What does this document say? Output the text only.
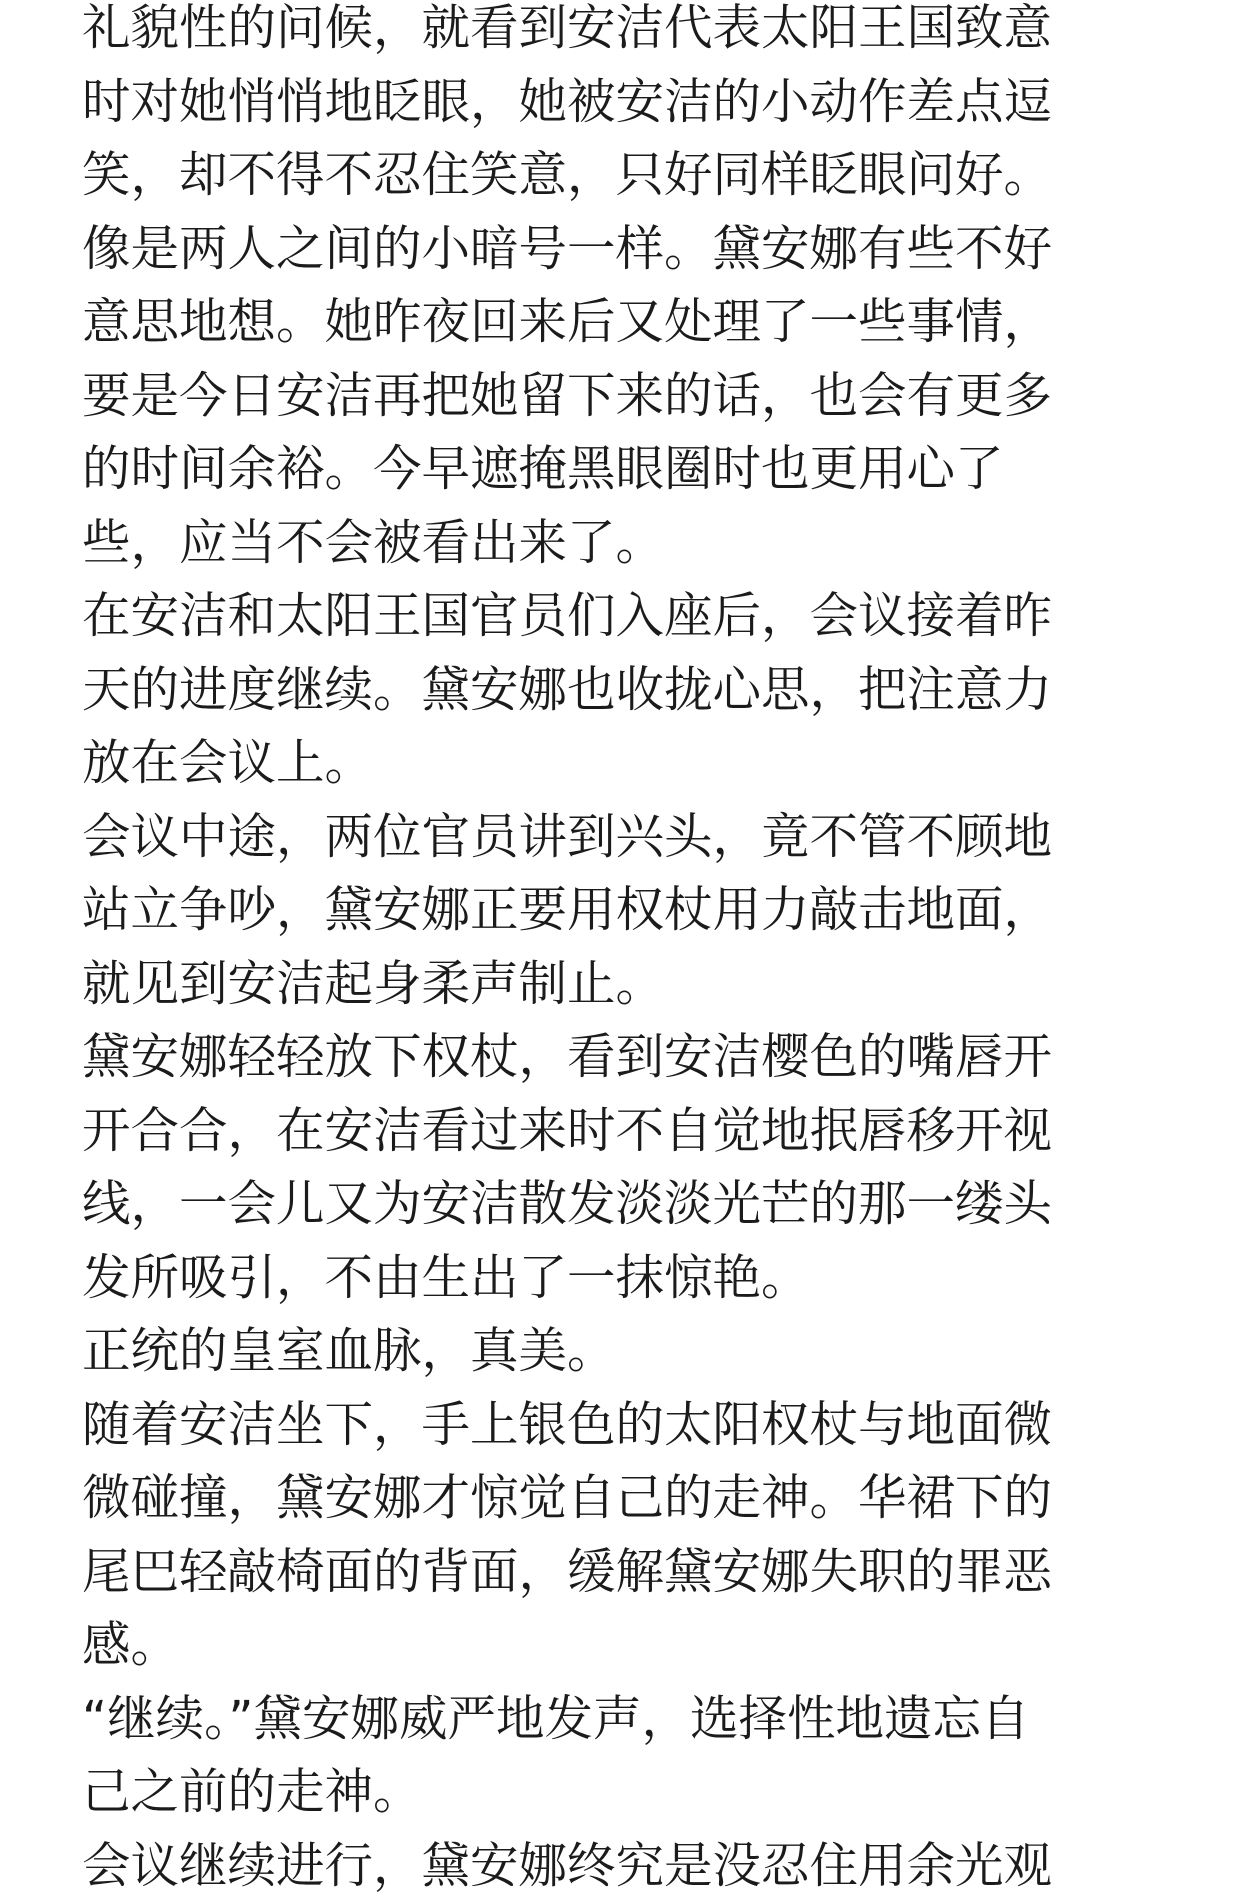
礼貌性的问候，就看到安洁代表太阳王国致意
时对她悄悄地眨眼，她被安洁的小动作差点逗
笑，却不得不忍住笑意，只好同样眨眼问好。
像是两人之间的小暗号一样。黛安娜有些不好
意思地想。她昨夜回来后又处理了一些事情，
要是今日安洁再把她留下来的话，也会有更多
的时间余裕。今早遮掩黑眼圈时也更用心了
些，应当不会被看出来了。
在安洁和太阳王国官员们入座后，会议接着昨
天的进度继续。黛安娜也收拢心思，把注意力
放在会议上。
会议中途，两位官员讲到兴头，竟不管不顾地
站立争吵，黛安娜正要用权杖用力敲击地面，
就见到安洁起身柔声制止。
黛安娜轻轻放下权杖，看到安洁樱色的嘴唇开
开合合，在安洁看过来时不自觉地抿唇移开视
线，一会儿又为安洁散发淡淡光芒的那一缕头
发所吸引，不由生出了一抹惊艳。
正统的皇室血脉，真美。
随着安洁坐下，手上银色的太阳权杖与地面微
微碰撞，黛安娜才惊觉自己的走神。华裙下的
尾巴轻敲椅面的背面，缓解黛安娜失职的罪恶
感。
“继续。”黛安娜威严地发声，选择性地遗忘自
己之前的走神。
会议继续进行，黛安娜终究是没忍住用余光观
